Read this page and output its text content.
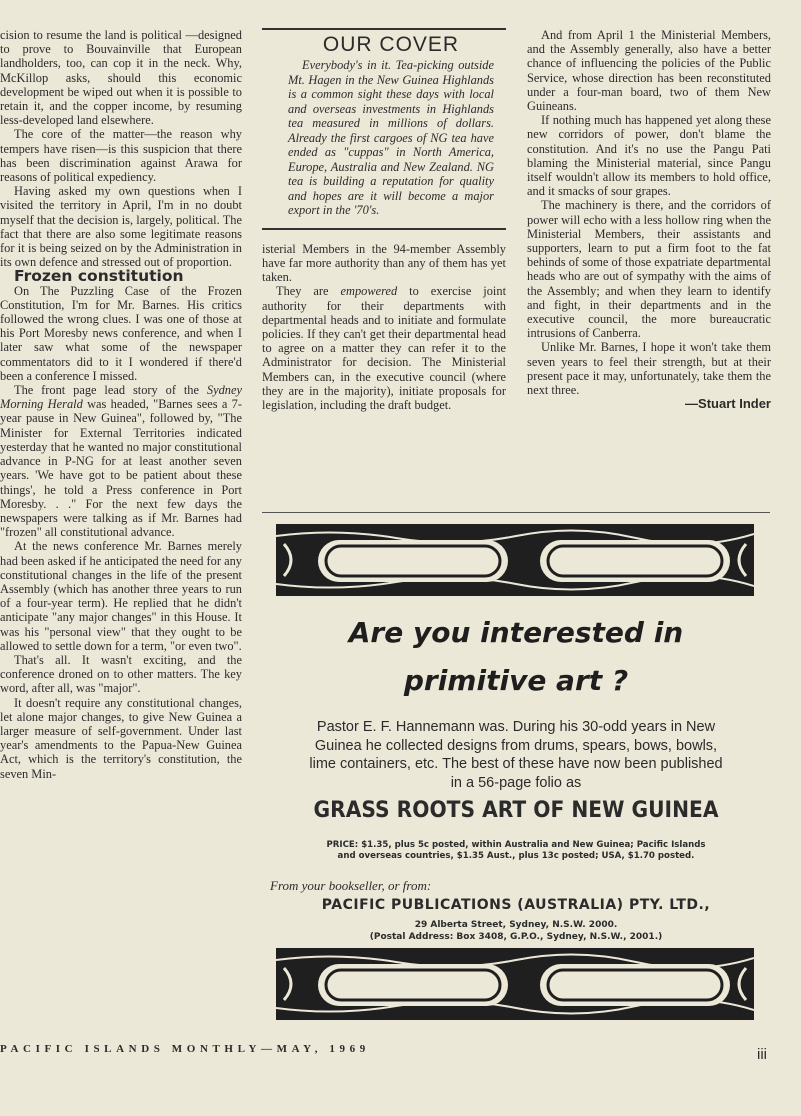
cision to resume the land is political —designed to prove to Bouvainville that European landholders, too, can cop it in the neck. Why, McKillop asks, should this economic development be wiped out when it is possible to retain it, and the copper income, by resuming less-developed land elsewhere.

The core of the matter—the reason why tempers have risen—is this suspicion that there has been discrimination against Arawa for reasons of political expediency.

Having asked my own questions when I visited the territory in April, I'm in no doubt myself that the decision is, largely, political. The fact that there are also some legitimate reasons for it is being seized on by the Administration in its own defence and stressed out of proportion.

Frozen constitution

On The Puzzling Case of the Frozen Constitution, I'm for Mr. Barnes. His critics followed the wrong clues. I was one of those at his Port Moresby news conference, and when I later saw what some of the newspaper commentators did to it I wondered if there'd been a conference I missed.

The front page lead story of the Sydney Morning Herald was headed, "Barnes sees a 7-year pause in New Guinea", followed by, "The Minister for External Territories indicated yesterday that he wanted no major constitutional advance in P-NG for at least another seven years. 'We have got to be patient about these things', he told a Press conference in Port Moresby. . ." For the next few days the newspapers were talking as if Mr. Barnes had "frozen" all constitutional advance.

At the news conference Mr. Barnes merely had been asked if he anticipated the need for any constitutional changes in the life of the present Assembly (which has another three years to run of a four-year term). He replied that he didn't anticipate "any major changes" in this House. It was his "personal view" that they ought to be allowed to settle down for a term, "or even two".

That's all. It wasn't exciting, and the conference droned on to other matters. The key word, after all, was "major".

It doesn't require any constitutional changes, let alone major changes, to give New Guinea a larger measure of self-government. Under last year's amendments to the Papua-New Guinea Act, which is the territory's constitution, the seven Min-

OUR COVER

Everybody's in it. Tea-picking outside Mt. Hagen in the New Guinea Highlands is a common sight these days with local and overseas investments in Highlands tea measured in millions of dollars. Already the first cargoes of NG tea have ended as "cuppas" in North America, Europe, Australia and New Zealand. NG tea is building a reputation for quality and hopes are it will become a major export in the '70's.

isterial Members in the 94-member Assembly have far more authority than any of them has yet taken.

They are empowered to exercise joint authority for their departments with departmental heads and to initiate and formulate policies. If they can't get their departmental head to agree on a matter they can refer it to the Administrator for decision. The Ministerial Members can, in the executive council (where they are in the majority), initiate proposals for legislation, including the draft budget.

And from April 1 the Ministerial Members, and the Assembly generally, also have a better chance of influencing the policies of the Public Service, whose direction has been reconstituted under a four-man board, two of them New Guineans.

If nothing much has happened yet along these new corridors of power, don't blame the constitution. And it's no use the Pangu Pati blaming the Ministerial material, since Pangu itself wouldn't allow its members to hold office, and it smacks of sour grapes.

The machinery is there, and the corridors of power will echo with a less hollow ring when the Ministerial Members, their assistants and supporters, learn to put a firm foot to the fat behinds of some of those expatriate departmental heads who are out of sympathy with the aims of the Assembly; and when they learn to identify and fight, in their departments and in the executive council, the more bureaucratic intrusions of Canberra.

Unlike Mr. Barnes, I hope it won't take them seven years to feel their strength, but at their present pace it may, unfortunately, take them the next three.

—Stuart Inder
Are you interested in
primitive art ?
Pastor E. F. Hannemann was. During his 30-odd years in New Guinea he collected designs from drums, spears, bows, bowls, lime containers, etc. The best of these have now been published in a 56-page folio as
GRASS ROOTS ART OF NEW GUINEA
PRICE: $1.35, plus 5c posted, within Australia and New Guinea; Pacific Islands and overseas countries, $1.35 Aust., plus 13c posted; USA, $1.70 posted.
From your bookseller, or from:
PACIFIC PUBLICATIONS (AUSTRALIA) PTY. LTD.,
29 Alberta Street, Sydney, N.S.W. 2000.
(Postal Address: Box 3408, G.P.O., Sydney, N.S.W., 2001.)
PACIFIC ISLANDS MONTHLY—MAY, 1969	iii
